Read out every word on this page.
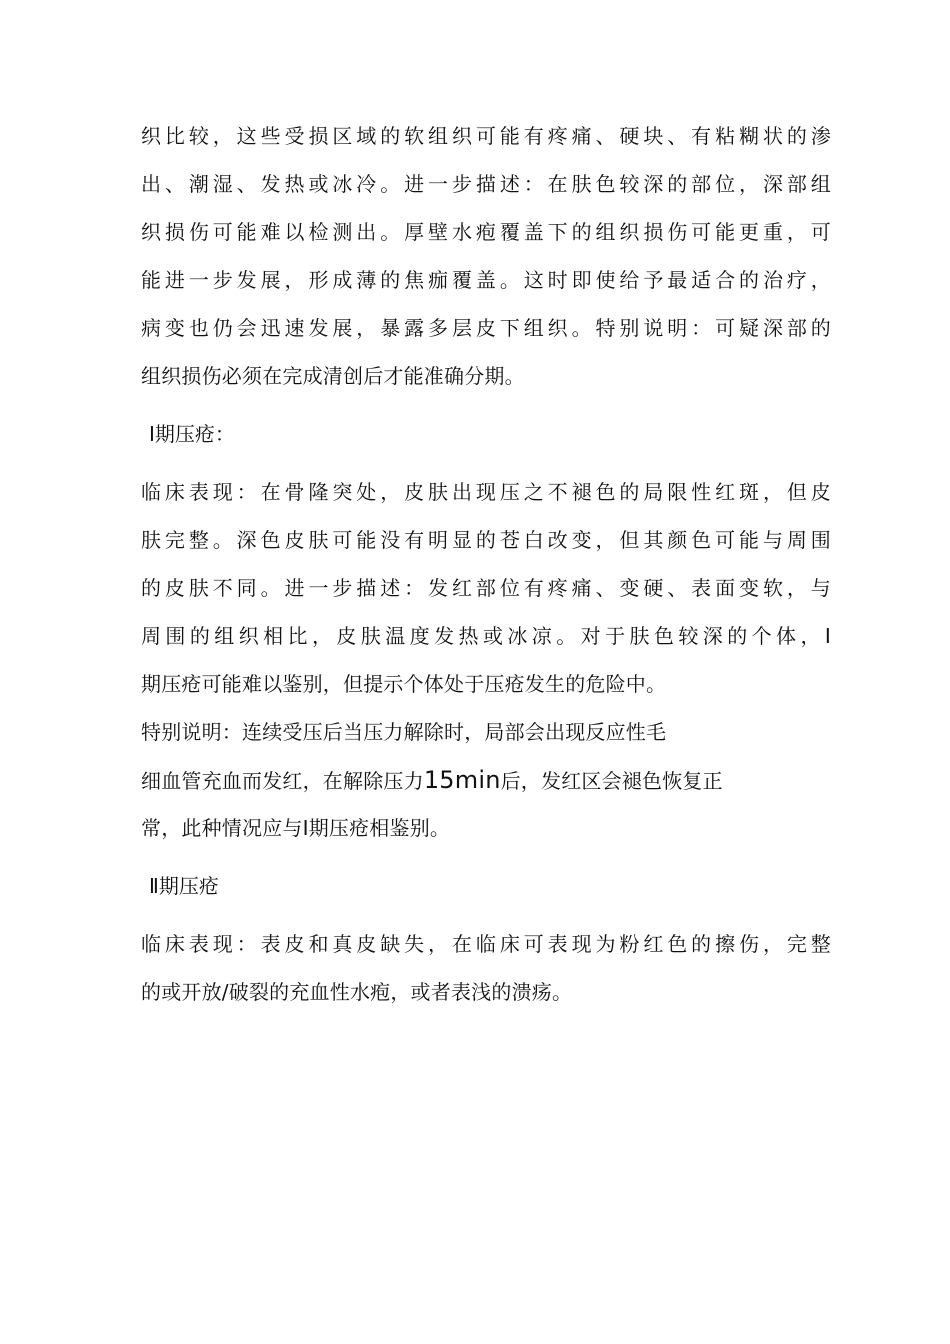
织比较，这些受损区域的软组织可能有疼痛、硬块、有粘糊状的渗
出、潮湿、发热或冰冷。进一步描述：在肤色较深的部位，深部组
织损伤可能难以检测出。厚壁水疱覆盖下的组织损伤可能更重，可
能进一步发展，形成薄的焦痂覆盖。这时即使给予最适合的治疗，
病变也仍会迅速发展，暴露多层皮下组织。特别说明：可疑深部的
组织损伤必须在完成清创后才能准确分期。
Ⅰ期压疮：
临床表现：在骨隆突处，皮肤出现压之不褪色的局限性红斑，但皮
肤完整。深色皮肤可能没有明显的苍白改变，但其颜色可能与周围
的皮肤不同。进一步描述：发红部位有疼痛、变硬、表面变软，与
周围的组织相比，皮肤温度发热或冰凉。对于肤色较深的个体，Ⅰ
期压疮可能难以鉴别，但提示个体处于压疮发生的危险中。
特别说明：连续受压后当压力解除时，局部会出现反应性毛
细血管充血而发红，在解除压力15min后，发红区会褪色恢复正
常，此种情况应与Ⅰ期压疮相鉴别。
Ⅱ期压疮
临床表现：表皮和真皮缺失，在临床可表现为粉红色的擦伤，完整
的或开放/破裂的充血性水疱，或者表浅的溃疡。
